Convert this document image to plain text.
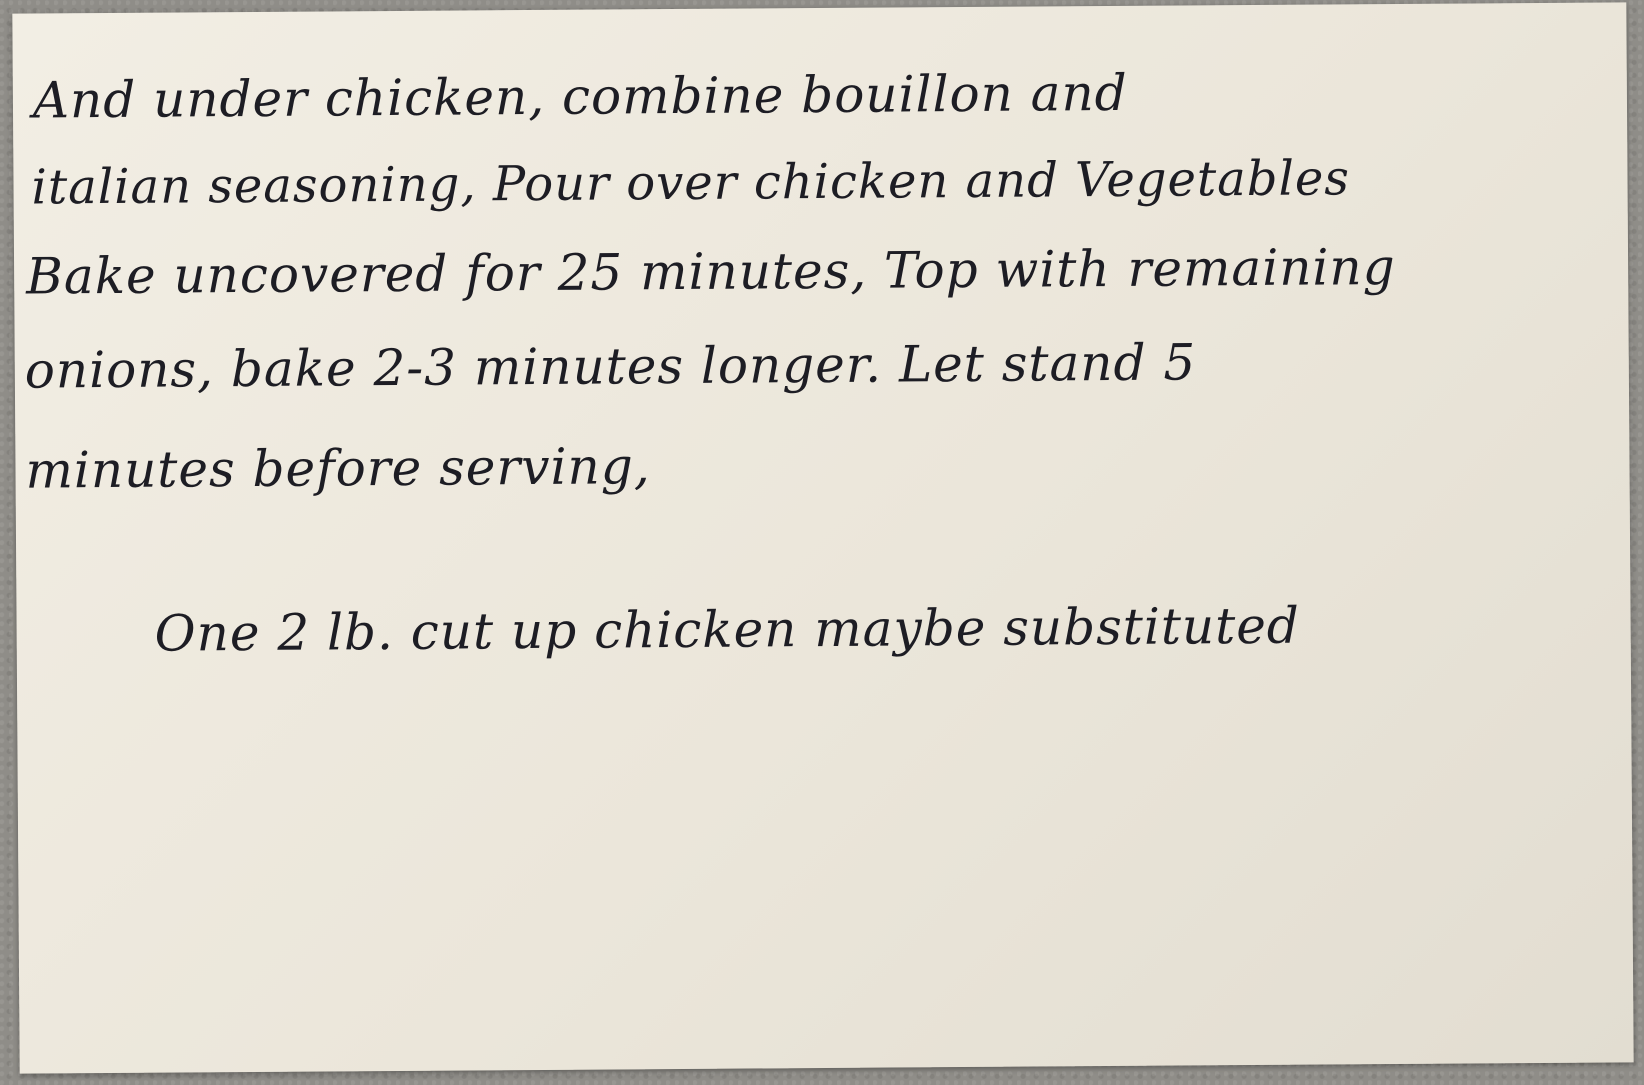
And under chicken, combine bouillon and
italian seasoning, Pour over chicken and Vegetables
Bake uncovered for 25 minutes, Top with remaining
onions, bake 2-3 minutes longer. Let stand 5
minutes before serving,
One 2 lb. cut up chicken maybe substituted
